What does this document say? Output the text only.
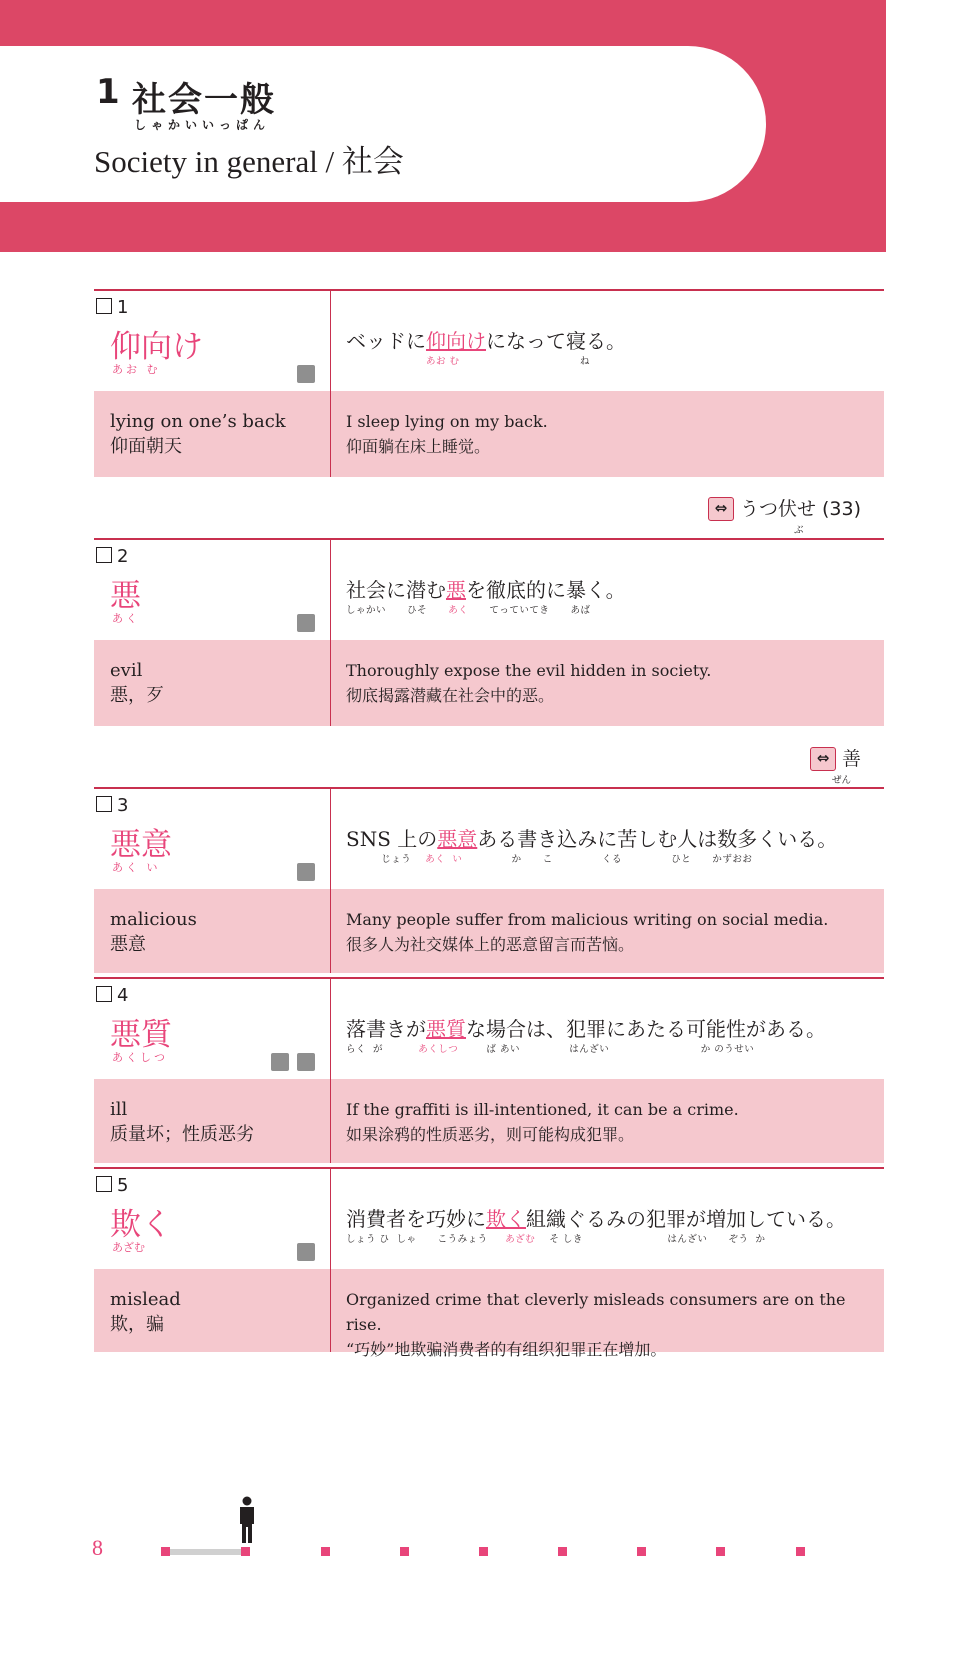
1 社会一般
しゃかいいっぱん
Society in general / 社会
1
仰向け
あお む
ベッドに仰向けになって寝る。
あお む	ね
lying on one’s back
仰面朝天
I sleep lying on my back.
仰面躺在床上睡觉。
⇔ うつ伏せ (33)
ぶ
2
悪
あく
社会に潜む悪を徹底的に暴く。
しゃかい      ひそ      あく      てっていてき      あば
evil
悪，歹
Thoroughly expose the evil hidden in society.
彻底揭露潜藏在社会中的恶。
⇔ 善
ぜん
3
悪意
あく い
SNS 上の悪意ある書き込みに苦しむ人は数多くいる。
じょう    あく  い              か      こ              くる              ひと      かずおお
malicious
悪意
Many people suffer from malicious writing on social media.
很多人为社交媒体上的恶意留言而苦恼。
4
悪質
あくしつ
落書きが悪質な場合は、犯罪にあたる可能性がある。
らく  が          あくしつ        ば あい              はんざい                          か のうせい
ill
质量坏；性质恶劣
If the graffiti is ill-intentioned, it can be a crime.
如果涂鸦的性质恶劣，则可能构成犯罪。
5
欺く
あざむ
消費者を巧妙に欺く組織ぐるみの犯罪が増加している。
しょう ひ  しゃ      こうみょう     あざむ    そ しき                        はんざい      ぞう  か
mislead
欺，骗
Organized crime that cleverly misleads consumers are on the rise.
“巧妙”地欺骗消费者的有组织犯罪正在增加。
8
